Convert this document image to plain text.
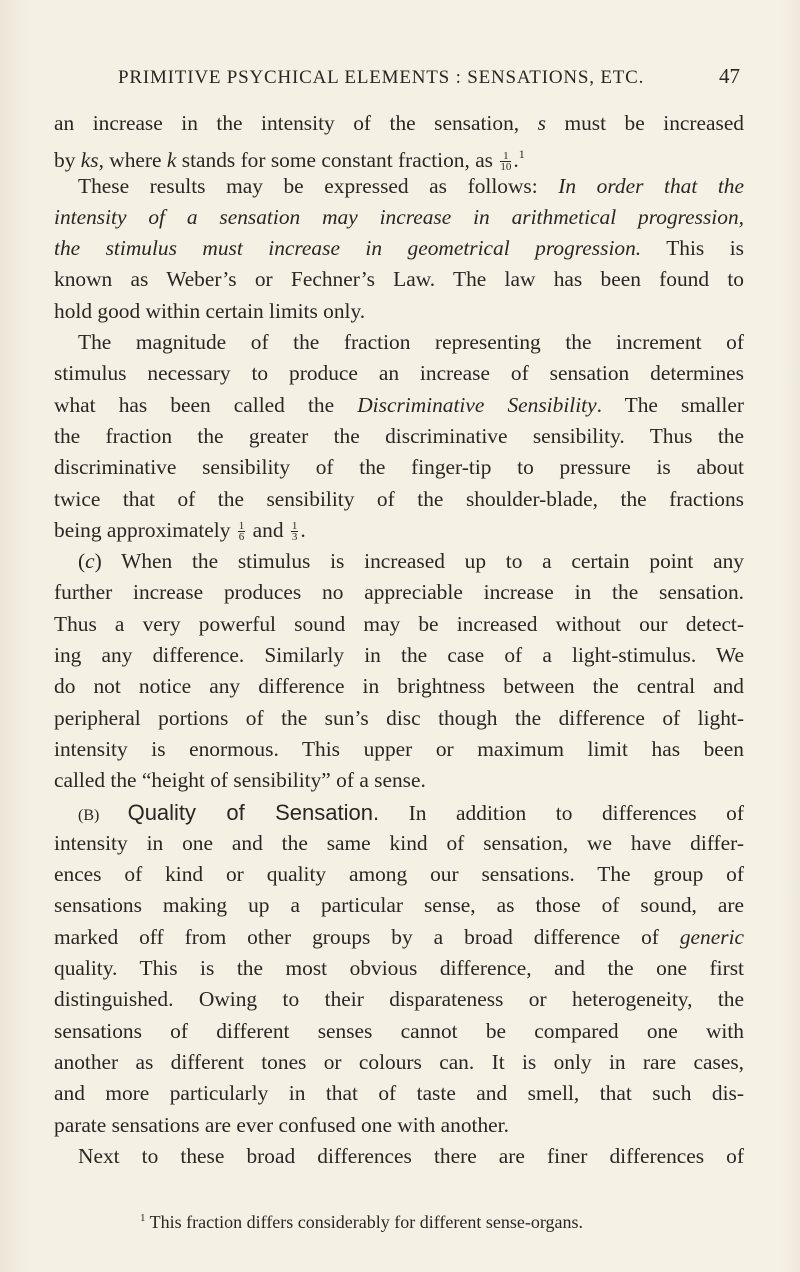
PRIMITIVE PSYCHICAL ELEMENTS : SENSATIONS, ETC.	47
an increase in the intensity of the sensation, s must be increased
by ks, where k stands for some constant fraction, as $\frac{1}{10} .^1$
These results may be expressed as follows: In order that the
intensity of a sensation may increase in arithmetical progression,
the stimulus must increase in geometrical progression. This is
known as Weber’s or Fechner’s Law. The law has been found to
hold good within certain limits only.
The magnitude of the fraction representing the increment of
stimulus necessary to produce an increase of sensation determines
what has been called the Discriminative Sensibility. The smaller
the fraction the greater the discriminative sensibility. Thus the
discriminative sensibility of the finger-tip to pressure is about
twice that of the sensibility of the shoulder-blade, the fractions
being approximately $\frac{1}{6}$ and $\frac{1}{3}$ .
(c) When the stimulus is increased up to a certain point any
further increase produces no appreciable increase in the sensation.
Thus a very powerful sound may be increased without our detect-
ing any difference. Similarly in the case of a light-stimulus. We
do not notice any difference in brightness between the central and
peripheral portions of the sun’s disc though the difference of light-
intensity is enormous. This upper or maximum limit has been
called the “height of sensibility” of a sense.
(B) Quality of Sensation. In addition to differences of
intensity in one and the same kind of sensation, we have differ-
ences of kind or quality among our sensations. The group of
sensations making up a particular sense, as those of sound, are
marked off from other groups by a broad difference of generic
quality. This is the most obvious difference, and the one first
distinguished. Owing to their disparateness or heterogeneity, the
sensations of different senses cannot be compared one with
another as different tones or colours can. It is only in rare cases,
and more particularly in that of taste and smell, that such dis-
parate sensations are ever confused one with another.
Next to these broad differences there are finer differences of
$^1$ This fraction differs considerably for different sense-organs.
